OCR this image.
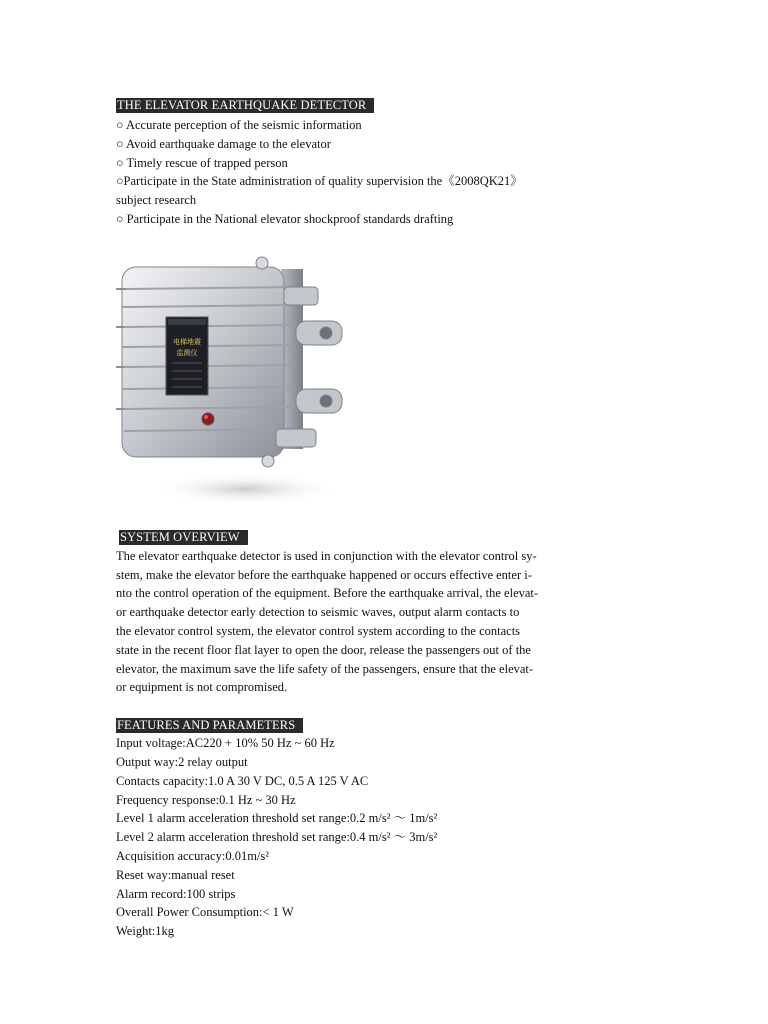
THE ELEVATOR EARTHQUAKE DETECTOR
○ Accurate perception of the seismic information
○ Avoid earthquake damage to the elevator
○ Timely rescue of trapped person
○Participate in the State administration of quality supervision the《2008QK21》
subject research
○ Participate in the National elevator shockproof standards drafting
电梯地震
监测仪
SYSTEM OVERVIEW
The elevator earthquake detector is used in conjunction with the elevator control sy-
stem, make the elevator before the earthquake happened or occurs effective enter i-
nto the control operation of the equipment. Before the earthquake arrival, the elevat-
or earthquake detector early detection to seismic waves, output alarm contacts to
the elevator control system, the elevator control system according to the contacts
state in the recent floor flat layer to open the door, release the passengers out of the
elevator, the maximum save the life safety of the passengers, ensure that the elevat-
or equipment is not compromised.
FEATURES AND PARAMETERS
Input voltage:AC220 + 10% 50 Hz ~ 60 Hz
Output way:2 relay output
Contacts capacity:1.0 A 30 V DC, 0.5 A 125 V AC
Frequency response:0.1 Hz ~ 30 Hz
Level 1 alarm acceleration threshold set range:0.2 m/s² ～ 1m/s²
Level 2 alarm acceleration threshold set range:0.4 m/s² ～ 3m/s²
Acquisition accuracy:0.01m/s²
Reset way:manual reset
Alarm record:100 strips
Overall Power Consumption:< 1 W
Weight:1kg
